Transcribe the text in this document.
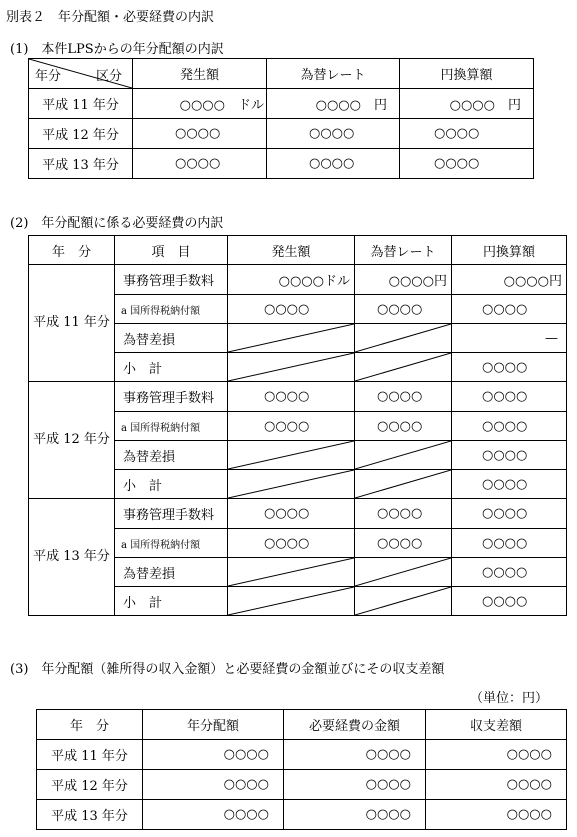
別表２　年分配額・必要経費の内訳
(1)　本件LPSからの年分配額の内訳
年分 区分	発生額	為替レート	円換算額
平成 11 年分	○○○○　ドル	○○○○　円	○○○○　円
平成 12 年分	○○○○	○○○○	○○○○
平成 13 年分	○○○○	○○○○	○○○○
(2)　年分配額に係る必要経費の内訳
年　分	項　目	発生額	為替レート	円換算額
平成 11 年分	事務管理手数料	○○○○ドル	○○○○円	○○○○円
	a 国所得税納付額	○○○○	○○○○	○○○○
	為替差損			—
	小　計			○○○○
平成 12 年分	事務管理手数料	○○○○	○○○○	○○○○
	a 国所得税納付額	○○○○	○○○○	○○○○
	為替差損			○○○○
	小　計			○○○○
平成 13 年分	事務管理手数料	○○○○	○○○○	○○○○
	a 国所得税納付額	○○○○	○○○○	○○○○
	為替差損			○○○○
	小　計			○○○○
(3)　年分配額（雑所得の収入金額）と必要経費の金額並びにその収支差額
（単位：円）
年　分	年分配額	必要経費の金額	収支差額
平成 11 年分	○○○○	○○○○	○○○○
平成 12 年分	○○○○	○○○○	○○○○
平成 13 年分	○○○○	○○○○	○○○○
